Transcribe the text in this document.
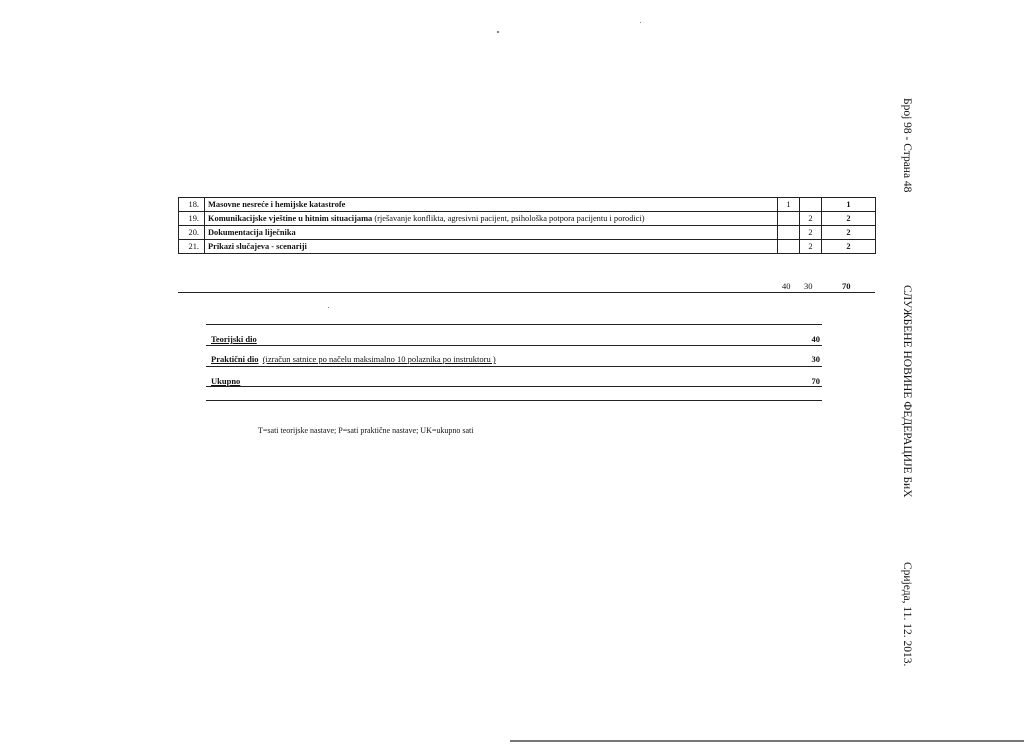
18.	Masovne nesreće i hemijske katastrofe	1		1
19.	Komunikacijske vještine u hitnim situacijama (rješavanje konflikta, agresivni pacijent, psihološka potpora pacijentu i porodici)		2	2
20.	Dokumentacija liječnika		2	2
21.	Prikazi slučajeva - scenariji		2	2
40 30	70
Teorijski dio	40
Praktični dio (izračun satnice po načelu maksimalno 10 polaznika po instruktoru )	30
Ukupno	70
T=sati teorijske nastave; P=sati praktične nastave; UK=ukupno sati
Број 98 - Страна 48
СЛУЖБЕНЕ НОВИНЕ ФЕДЕРАЦИЈЕ БиХ
Сриједа, 11. 12. 2013.
